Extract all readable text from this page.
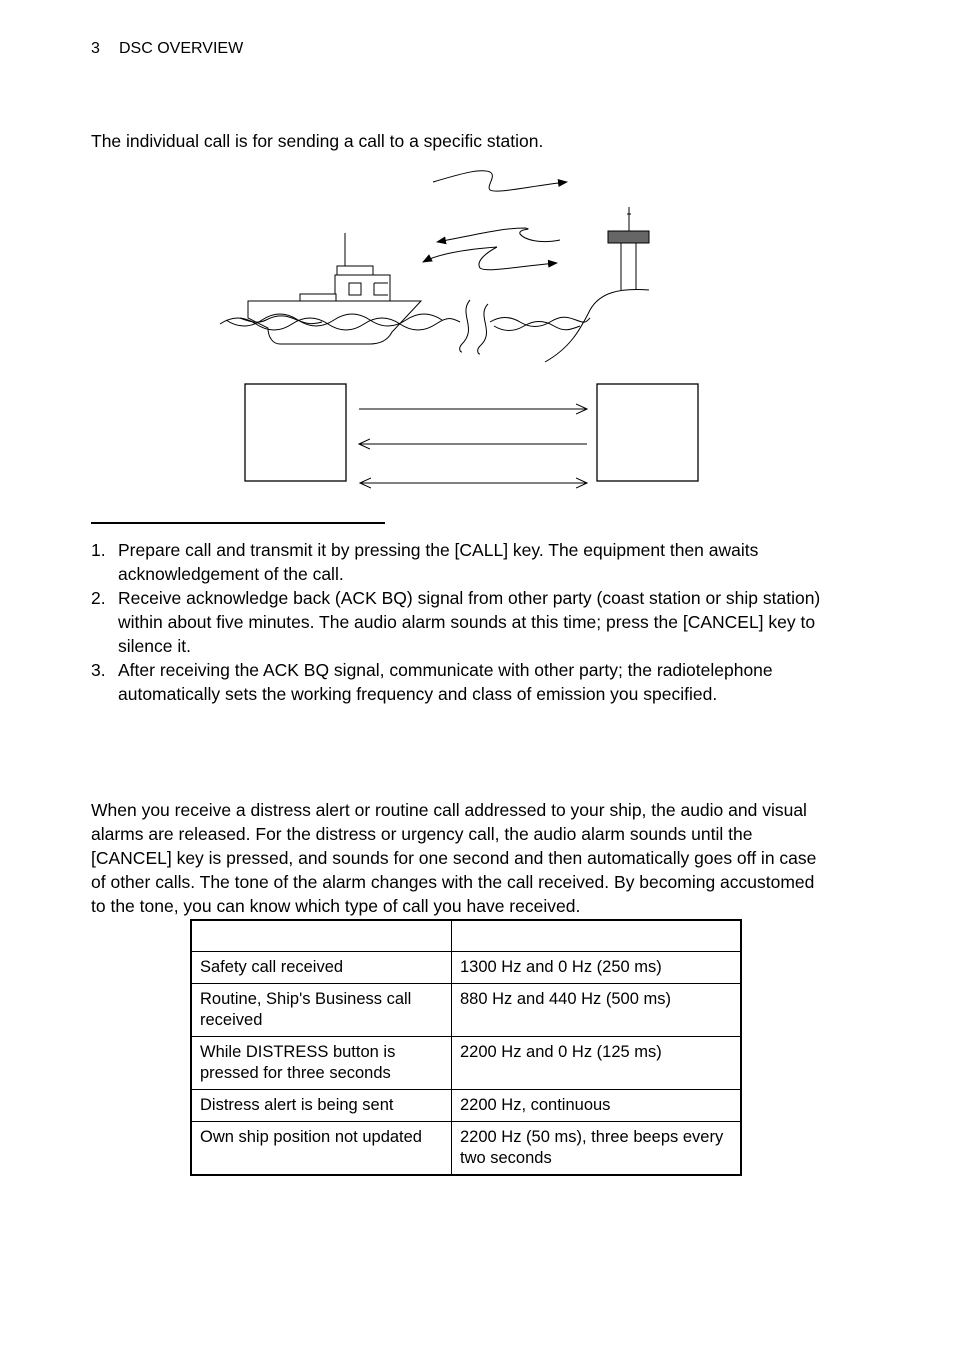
3 DSC OVERVIEW
The individual call is for sending a call to a specific station.
1. Prepare call and transmit it by pressing the [CALL] key. The equipment then awaits acknowledgement of the call.
2. Receive acknowledge back (ACK BQ) signal from other party (coast station or ship station) within about five minutes. The audio alarm sounds at this time; press the [CANCEL] key to silence it.
3. After receiving the ACK BQ signal, communicate with other party; the radiotelephone automatically sets the working frequency and class of emission you specified.

When you receive a distress alert or routine call addressed to your ship, the audio and visual alarms are released. For the distress or urgency call, the audio alarm sounds until the [CANCEL] key is pressed, and sounds for one second and then automatically goes off in case of other calls. The tone of the alarm changes with the call received. By becoming accustomed to the tone, you can know which type of call you have received.

Safety call received	1300 Hz and 0 Hz (250 ms)
Routine, Ship's Business call received	880 Hz and 440 Hz (500 ms)
While DISTRESS button is pressed for three seconds	2200 Hz and 0 Hz (125 ms)
Distress alert is being sent	2200 Hz, continuous
Own ship position not updated	2200 Hz (50 ms), three beeps every two seconds
